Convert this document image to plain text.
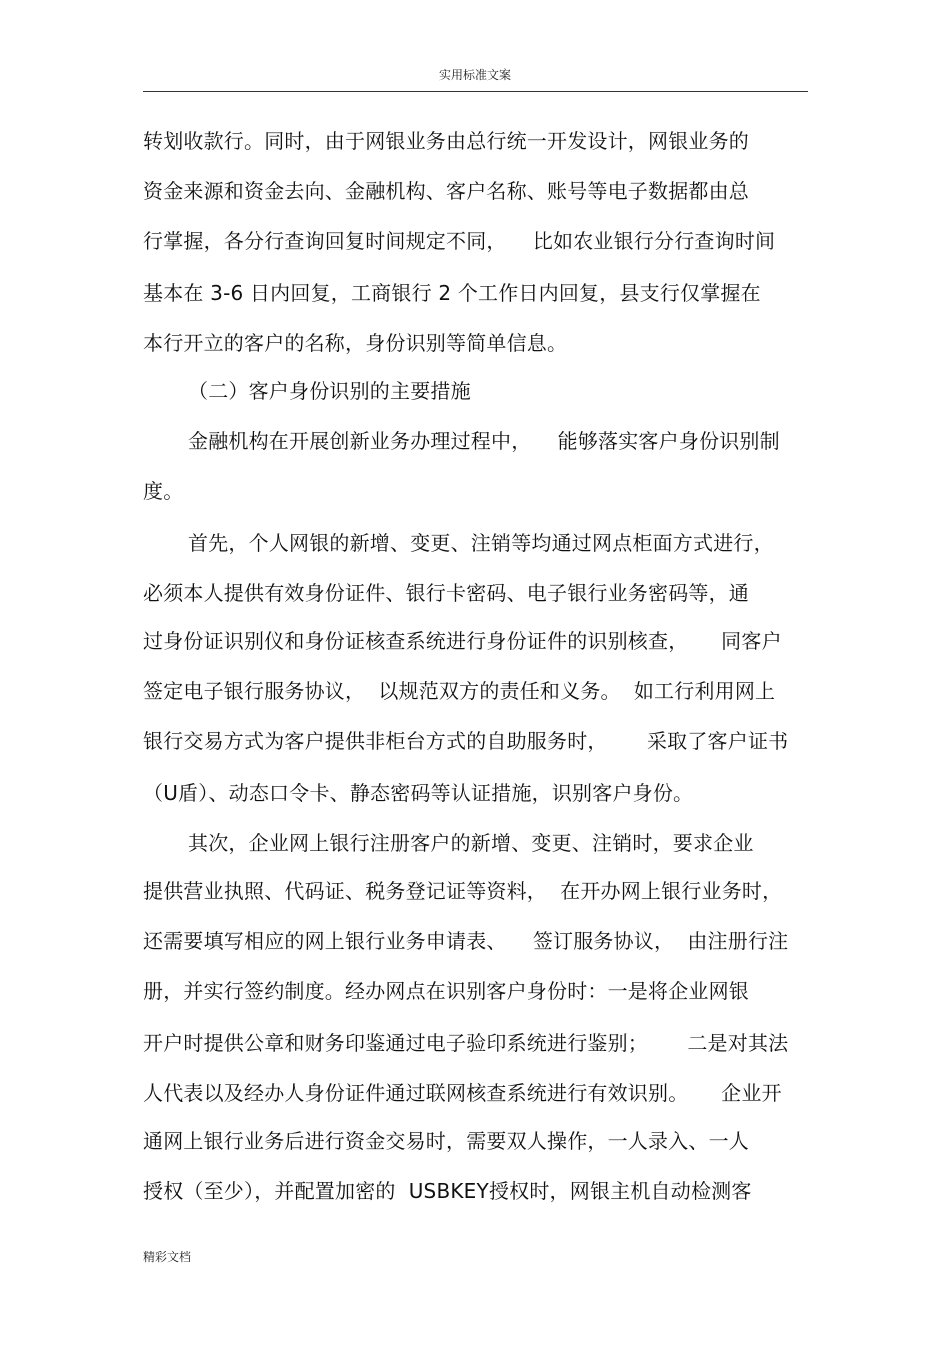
实用标准文案
转划收款行。同时，由于网银业务由总行统一开发设计，网银业务的
资金来源和资金去向、金融机构、客户名称、账号等电子数据都由总
行掌握，各分行查询回复时间规定不同，    比如农业银行分行查询时间
基本在 3-6 日内回复，工商银行 2 个工作日内回复，县支行仅掌握在
本行开立的客户的名称，身份识别等简单信息。
（二）客户身份识别的主要措施
金融机构在开展创新业务办理过程中，    能够落实客户身份识别制
度。
首先，个人网银的新增、变更、注销等均通过网点柜面方式进行，
必须本人提供有效身份证件、银行卡密码、电子银行业务密码等，通
过身份证识别仪和身份证核查系统进行身份证件的识别核查，     同客户
签定电子银行服务协议，  以规范双方的责任和义务。  如工行利用网上
银行交易方式为客户提供非柜台方式的自助服务时，      采取了客户证书
（U盾）、动态口令卡、静态密码等认证措施，识别客户身份。
其次，企业网上银行注册客户的新增、变更、注销时，要求企业
提供营业执照、代码证、税务登记证等资料，  在开办网上银行业务时，
还需要填写相应的网上银行业务申请表、    签订服务协议，  由注册行注
册，并实行签约制度。经办网点在识别客户身份时：一是将企业网银
开户时提供公章和财务印鉴通过电子验印系统进行鉴别；      二是对其法
人代表以及经办人身份证件通过联网核查系统进行有效识别。     企业开
通网上银行业务后进行资金交易时，需要双人操作，一人录入、一人
授权（至少），并配置加密的  USBKEY授权时，网银主机自动检测客
精彩文档
